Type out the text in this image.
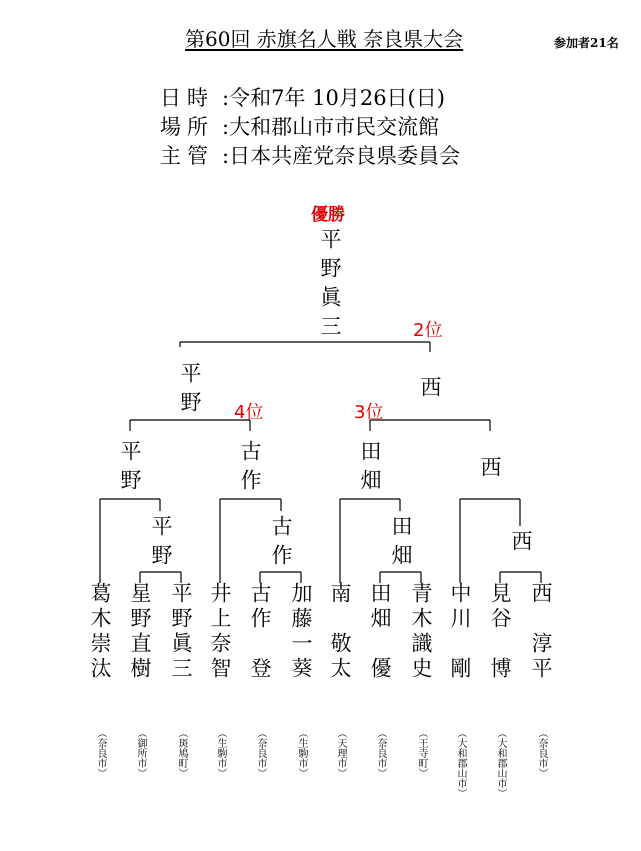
第60回 赤旗名人戦 奈良県大会	参加者21名
日時 :令和7年 10月26日(日)
場所 :大和郡山市市民交流館
主管 :日本共産党奈良県委員会
優勝
平野眞三	2位
4位	3位
平野	西
平野	古作	田畑	西
平野	古作	田畑	西
葛木崇汰 星野直樹 平野眞三 井上奈智 古作　登 加藤一葵 南　敬太 田畑　優 青木識史 中川　剛 見谷　博 西　淳平
（奈良市）	（御所市）	（斑鳩町）	（生駒市）	（奈良市）	（生駒市）	（天理市）	（奈良市）	（王寺町）	（大和郡山市）	（大和郡山市）	（奈良市）
